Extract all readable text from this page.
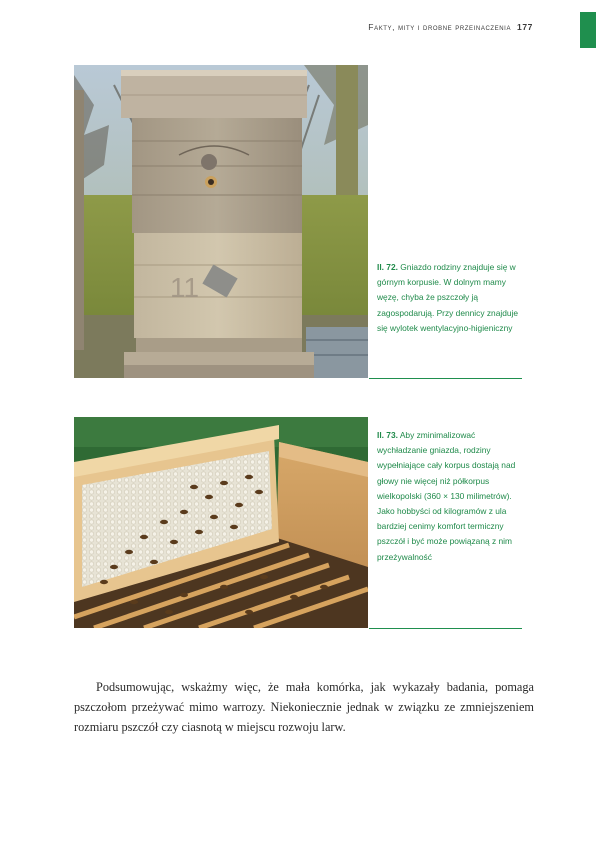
Fakty, mity i drobne przeinaczenia 177
11
Il. 72. Gniazdo rodziny znajduje się w górnym korpusie. W dolnym mamy węzę, chyba że pszczoły ją zagospodarują. Przy dennicy znajduje się wylotek wentylacyjno-higieniczny
Il. 73. Aby zminimalizować wychładzanie gniazda, rodziny wypełniające cały korpus dostają nad głowy nie więcej niż półkorpus wielkopolski (360 × 130 milimetrów). Jako hobbyści od kilogramów z ula bardziej cenimy komfort termiczny pszczół i być może powiązaną z nim przeżywalność

Podsumowując, wskażmy więc, że mała komórka, jak wykazały badania, pomaga pszczołom przeżywać mimo warrozy. Niekoniecznie jednak w związku ze zmniejszeniem rozmiaru pszczół czy ciasnotą w miejscu rozwoju larw.
